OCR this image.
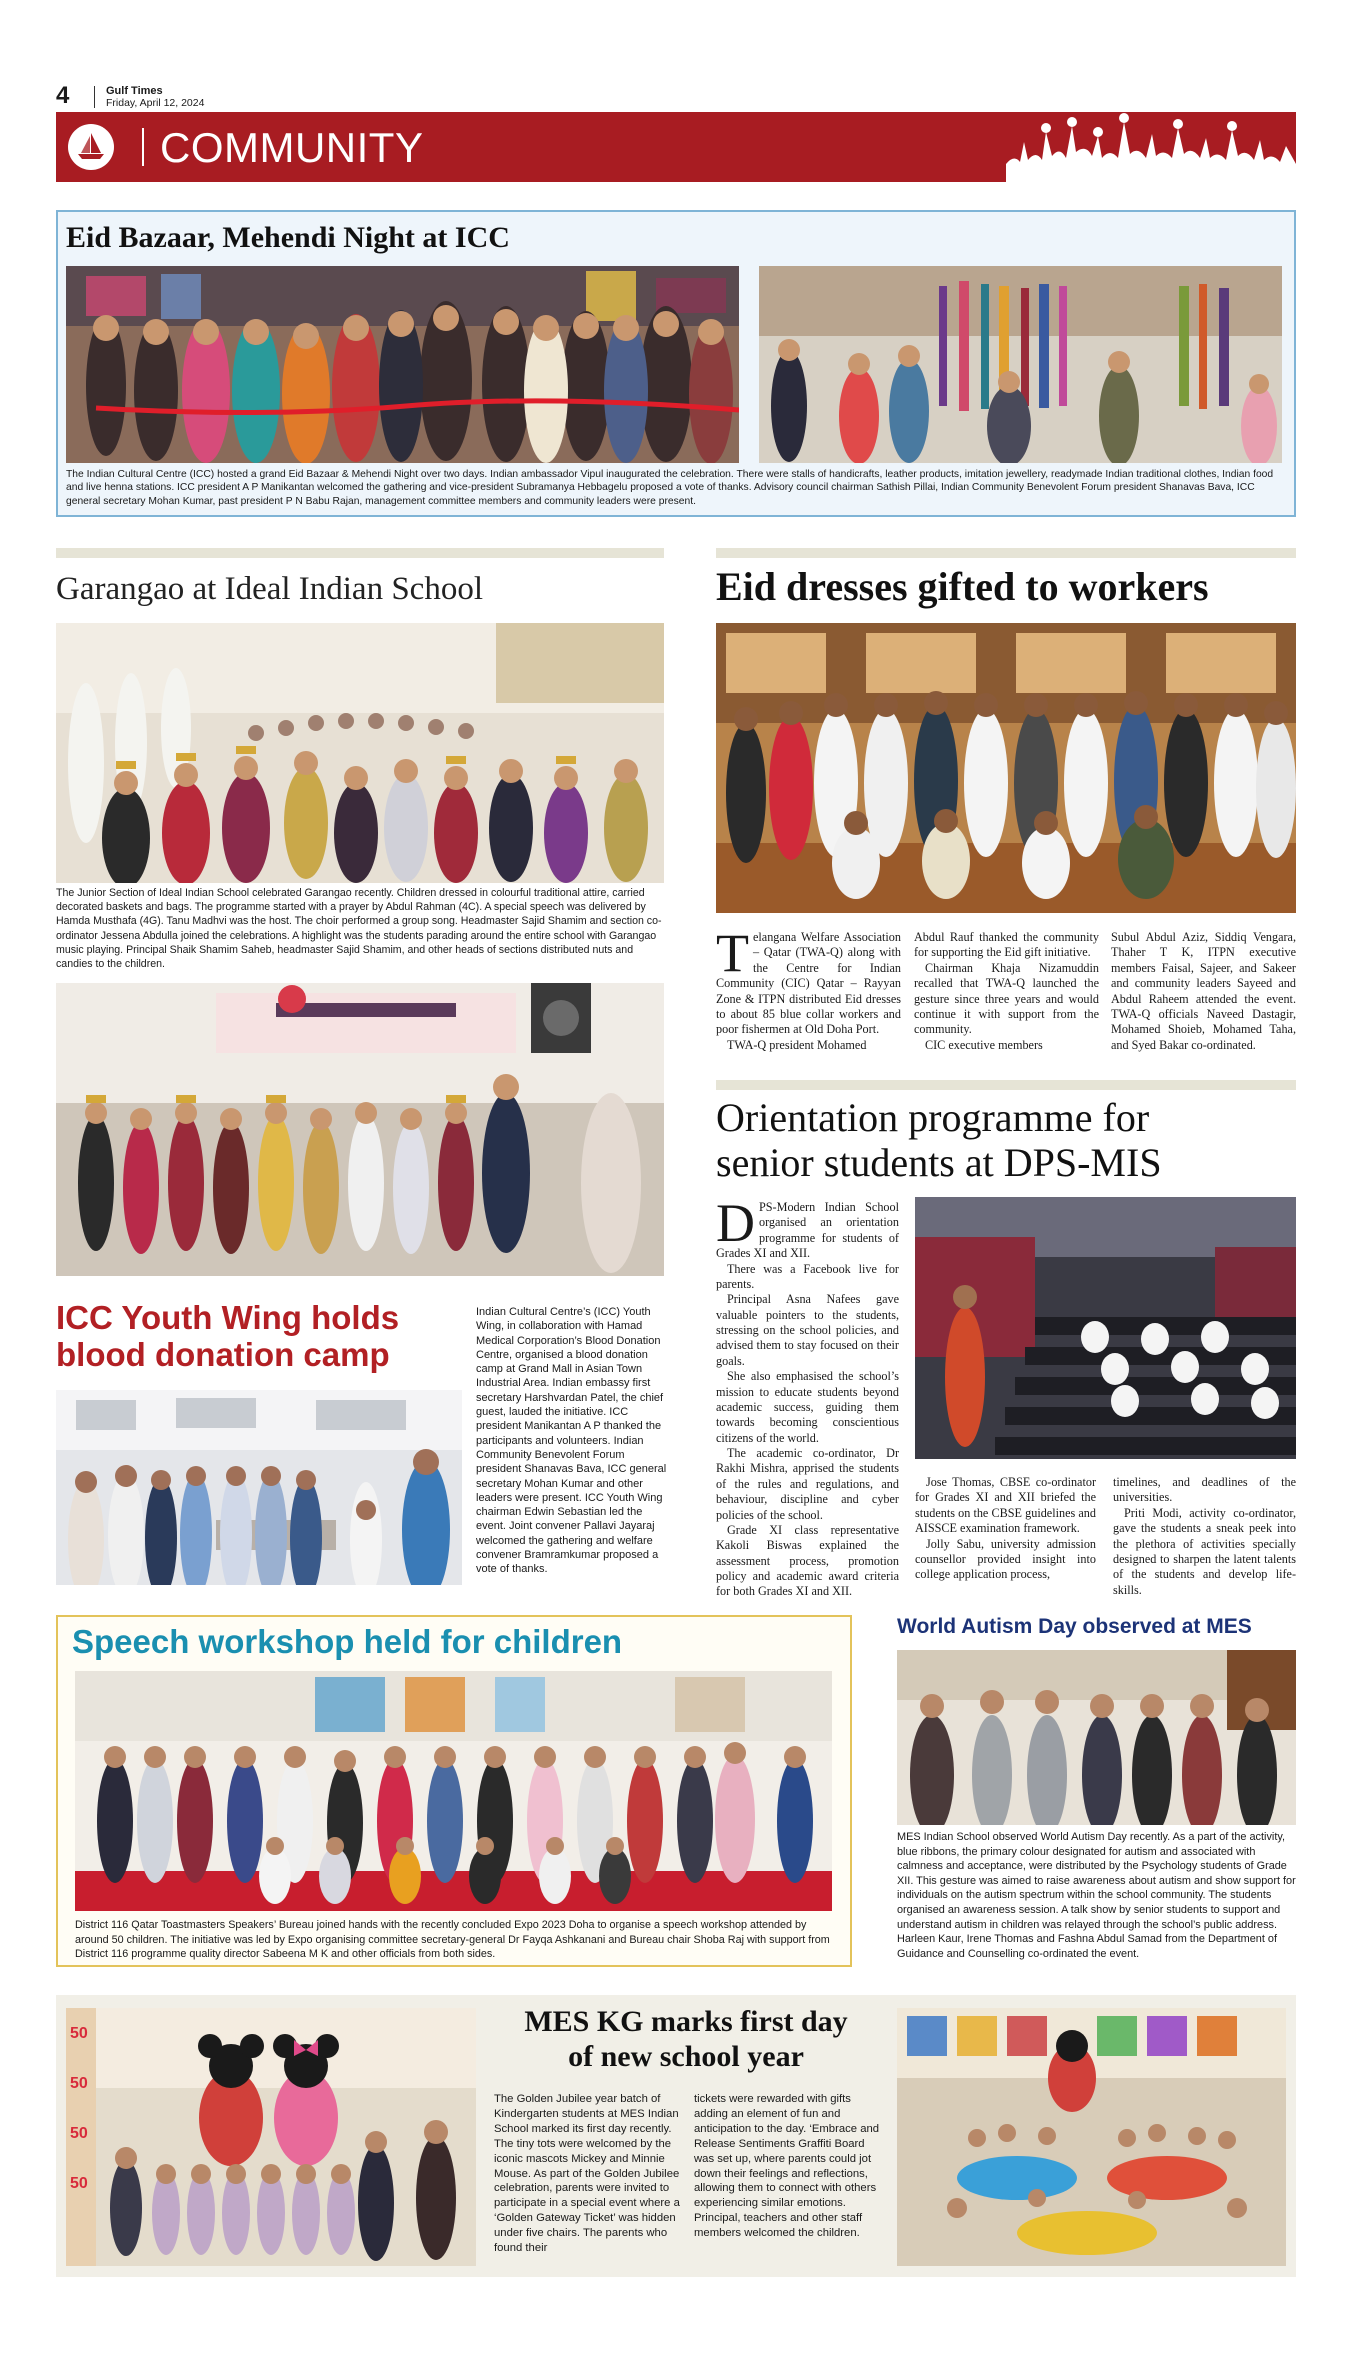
4	Gulf Times
Friday, April 12, 2024
COMMUNITY
Eid Bazaar, Mehendi Night at ICC
The Indian Cultural Centre (ICC) hosted a grand Eid Bazaar & Mehendi Night over two days. Indian ambassador Vipul inaugurated the celebration. There were stalls of handicrafts, leather products, imitation jewellery, readymade Indian traditional clothes, Indian food and live henna stations. ICC president A P Manikantan welcomed the gathering and vice-president Subramanya Hebbagelu proposed a vote of thanks. Advisory council chairman Sathish Pillai, Indian Community Benevolent Forum president Shanavas Bava, ICC general secretary Mohan Kumar, past president P N Babu Rajan, management committee members and community leaders were present.
Garangao at Ideal Indian School
The Junior Section of Ideal Indian School celebrated Garangao recently. Children dressed in colourful traditional attire, carried decorated baskets and bags. The programme started with a prayer by Abdul Rahman (4C). A special speech was delivered by Hamda Musthafa (4G). Tanu Madhvi was the host. The choir performed a group song. Headmaster Sajid Shamim and section co-ordinator Jessena Abdulla joined the celebrations. A highlight was the students parading around the entire school with Garangao music playing. Principal Shaik Shamim Saheb, headmaster Sajid Shamim, and other heads of sections distributed nuts and candies to the children.
Eid dresses gifted to workers
T elangana Welfare Association – Qatar (TWA-Q) along with the Centre for Indian Community (CIC) Qatar – Rayyan Zone & ITPN distributed Eid dresses to about 85 blue collar workers and poor fishermen at Old Doha Port.

TWA-Q president Mohamed

Abdul Rauf thanked the community for supporting the Eid gift initiative.

Chairman Khaja Nizamuddin recalled that TWA-Q launched the gesture since three years and would continue it with support from the community.

CIC executive members

Subul Abdul Aziz, Siddiq Vengara, Thaher T K, ITPN executive members Faisal, Sajeer, and Sakeer and community leaders Sayeed and Abdul Raheem attended the event. TWA-Q officials Naveed Dastagir, Mohamed Shoieb, Mohamed Taha, and Syed Bakar co-ordinated.

Orientation programme for
senior students at DPS-MIS
D PS-Modern Indian School organised an orientation programme for students of Grades XI and XII.

There was a Facebook live for parents.

Principal Asna Nafees gave valuable pointers to the students, stressing on the school policies, and advised them to stay focused on their goals.

She also emphasised the school’s mission to educate students beyond academic success, guiding them towards becoming conscientious citizens of the world.

The academic co-ordinator, Dr Rakhi Mishra, apprised the students of the rules and regulations, and behaviour, discipline and cyber policies of the school.

Grade XI class representative Kakoli Biswas explained the assessment process, promotion policy and academic award criteria for both Grades XI and XII.

Jose Thomas, CBSE co-ordinator for Grades XI and XII briefed the students on the CBSE guidelines and AISSCE examination framework.

Jolly Sabu, university admission counsellor provided insight into college application process,

timelines, and deadlines of the universities.

Priti Modi, activity co-ordinator, gave the students a sneak peek into the plethora of activities specially designed to sharpen the latent talents of the students and develop life-skills.

ICC Youth Wing holds
blood donation camp
Indian Cultural Centre’s (ICC) Youth Wing, in collaboration with Hamad Medical Corporation’s Blood Donation Centre, organised a blood donation camp at Grand Mall in Asian Town Industrial Area. Indian embassy first secretary Harshvardan Patel, the chief guest, lauded the initiative. ICC president Manikantan A P thanked the participants and volunteers. Indian Community Benevolent Forum president Shanavas Bava, ICC general secretary Mohan Kumar and other leaders were present. ICC Youth Wing chairman Edwin Sebastian led the event. Joint convener Pallavi Jayaraj welcomed the gathering and welfare convener Bramramkumar proposed a vote of thanks.
Speech workshop held for children
District 116 Qatar Toastmasters Speakers’ Bureau joined hands with the recently concluded Expo 2023 Doha to organise a speech workshop attended by around 50 children. The initiative was led by Expo organising committee secretary-general Dr Fayqa Ashkanani and Bureau chair Shoba Raj with support from District 116 programme quality director Sabeena M K and other officials from both sides.
World Autism Day observed at MES
MES Indian School observed World Autism Day recently. As a part of the activity, blue ribbons, the primary colour designated for autism and associated with calmness and acceptance, were distributed by the Psychology students of Grade XII. This gesture was aimed to raise awareness about autism and show support for individuals on the autism spectrum within the school community. The students organised an awareness session. A talk show by senior students to support and understand autism in children was relayed through the school’s public address. Harleen Kaur, Irene Thomas and Fashna Abdul Samad from the Department of Guidance and Counselling co-ordinated the event.
50
50
50
50
MES KG marks first day
of new school year
The Golden Jubilee year batch of Kindergarten students at MES Indian School marked its first day recently. The tiny tots were welcomed by the iconic mascots Mickey and Minnie Mouse. As part of the Golden Jubilee celebration, parents were invited to participate in a special event where a ‘Golden Gateway Ticket’ was hidden under five chairs. The parents who found their
tickets were rewarded with gifts adding an element of fun and anticipation to the day. ‘Embrace and Release Sentiments Graffiti Board was set up, where parents could jot down their feelings and reflections, allowing them to connect with others experiencing similar emotions. Principal, teachers and other staff members welcomed the children.
